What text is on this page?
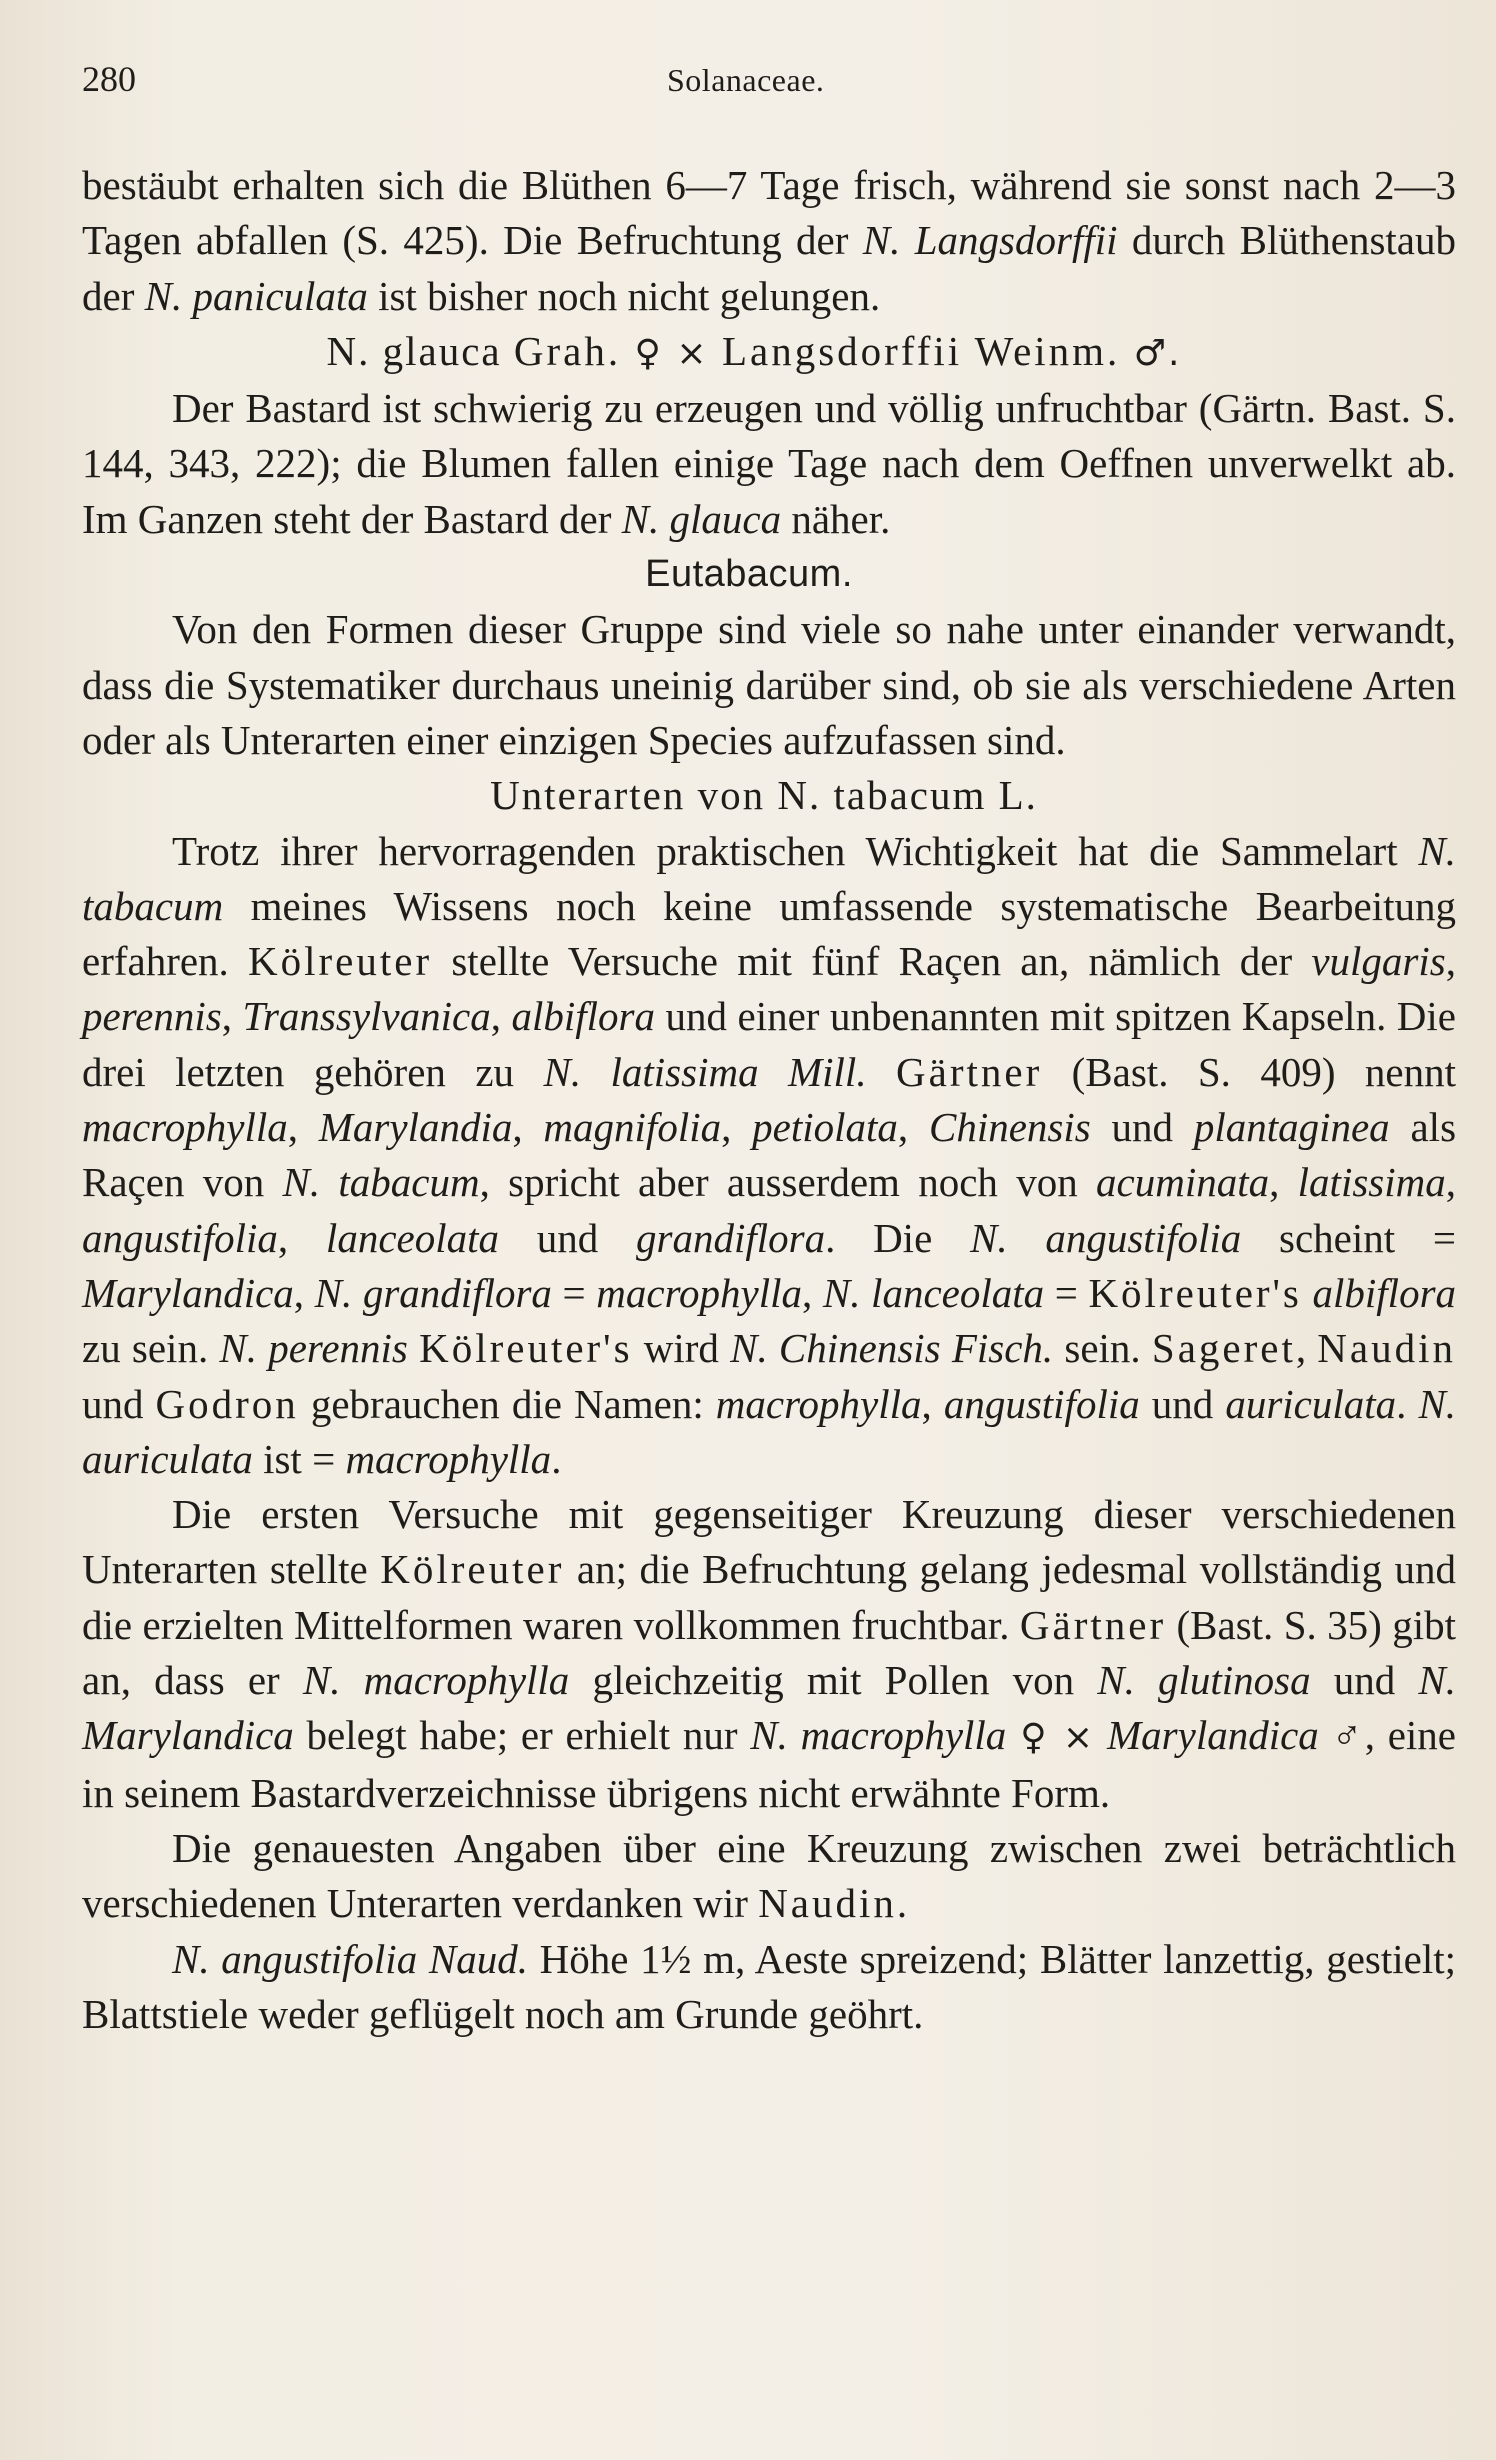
280	Solanaceae.

bestäubt erhalten sich die Blüthen 6—7 Tage frisch, während sie sonst nach 2—3 Tagen abfallen (S. 425). Die Befruchtung der N. Langsdorffii durch Blüthenstaub der N. paniculata ist bisher noch nicht gelungen.

N. glauca Grah. ♀ × Langsdorffii Weinm. ♂.

Der Bastard ist schwierig zu erzeugen und völlig unfruchtbar (Gärtn. Bast. S. 144, 343, 222); die Blumen fallen einige Tage nach dem Oeffnen unverwelkt ab. Im Ganzen steht der Bastard der N. glauca näher.

Eutabacum.

Von den Formen dieser Gruppe sind viele so nahe unter einander verwandt, dass die Systematiker durchaus uneinig darüber sind, ob sie als verschiedene Arten oder als Unterarten einer einzigen Species aufzufassen sind.

Unterarten von N. tabacum L.

Trotz ihrer hervorragenden praktischen Wichtigkeit hat die Sammelart N. tabacum meines Wissens noch keine umfassende systematische Bearbeitung erfahren. Kölreuter stellte Versuche mit fünf Raçen an, nämlich der vulgaris, perennis, Transsylvanica, albiflora und einer unbenannten mit spitzen Kapseln. Die drei letzten gehören zu N. latissima Mill. Gärtner (Bast. S. 409) nennt macrophylla, Marylandia, magnifolia, petiolata, Chinensis und plantaginea als Raçen von N. tabacum, spricht aber ausserdem noch von acuminata, latissima, angustifolia, lanceolata und grandiflora. Die N. angustifolia scheint = Marylandica, N. grandiflora = macrophylla, N. lanceolata = Kölreuter's albiflora zu sein. N. perennis Kölreuter's wird N. Chinensis Fisch. sein. Sageret, Naudin und Godron gebrauchen die Namen: macrophylla, angustifolia und auriculata. N. auriculata ist = macrophylla.

Die ersten Versuche mit gegenseitiger Kreuzung dieser verschiedenen Unterarten stellte Kölreuter an; die Befruchtung gelang jedesmal vollständig und die erzielten Mittelformen waren vollkommen fruchtbar. Gärtner (Bast. S. 35) gibt an, dass er N. macrophylla gleichzeitig mit Pollen von N. glutinosa und N. Marylandica belegt habe; er erhielt nur N. macrophylla ♀ × Marylandica ♂, eine in seinem Bastardverzeichnisse übrigens nicht erwähnte Form.

Die genauesten Angaben über eine Kreuzung zwischen zwei beträchtlich verschiedenen Unterarten verdanken wir Naudin.

N. angustifolia Naud. Höhe 1½ m, Aeste spreizend; Blätter lanzettig, gestielt; Blattstiele weder geflügelt noch am Grunde geöhrt.
